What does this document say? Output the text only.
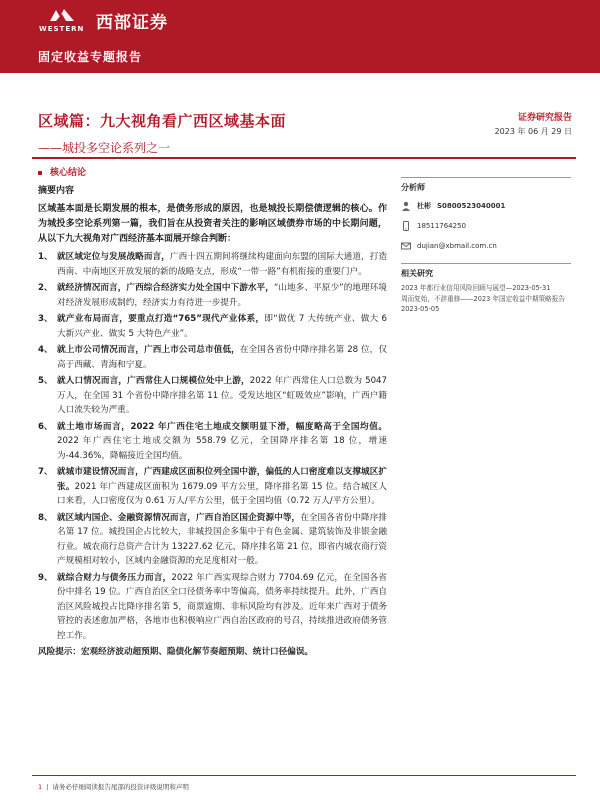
WESTERN 西部证券
固定收益专题报告
区域篇：九大视角看广西区域基本面
——城投多空论系列之一
证券研究报告
2023 年 06 月 29 日
核心结论
摘要内容
区域基本面是长期发展的根本，是债务形成的原因，也是城投长期偿债逻辑的核心。作为城投多空论系列第一篇，我们旨在从投资者关注的影响区域债券市场的中长期问题，从以下九大视角对广西经济基本面展开综合判断：
1、 就区域定位与发展战略而言，广西十四五期间将继续构建面向东盟的国际大通道，打造西南、中南地区开放发展的新的战略支点，形成“一带一路”有机衔接的重要门户。
2、 就经济情况而言，广西综合经济实力处全国中下游水平，“山地多、平原少”的地理环境对经济发展形成制约，经济实力有待进一步提升。
3、 就产业布局而言，要重点打造“765”现代产业体系，即“做优 7 大传统产业、做大 6 大新兴产业、做实 5 大特色产业”。
4、 就上市公司情况而言，广西上市公司总市值低，在全国各省份中降序排名第 28 位，仅高于西藏、青海和宁夏。
5、 就人口情况而言，广西常住人口规模位处中上游，2022 年广西常住人口总数为 5047 万人，在全国 31 个省份中降序排名第 11 位。受发达地区“虹吸效应”影响，广西户籍人口流失较为严重。
6、 就土地市场而言，2022 年广西住宅土地成交额明显下滑，幅度略高于全国均值。2022 年广西住宅土地成交额为 558.79 亿元，全国降序排名第 18 位，增速为-44.36%，降幅接近全国均值。
7、 就城市建设情况而言，广西建成区面积位列全国中游，偏低的人口密度难以支撑城区扩张。2021 年广西建成区面积为 1679.09 平方公里，降序排名第 15 位。结合城区人口来看，人口密度仅为 0.61 万人/平方公里，低于全国均值（0.72 万人/平方公里）。
8、 就区域内国企、金融资源情况而言，广西自治区国企资源中等，在全国各省份中降序排名第 17 位。城投国企占比较大，非城投国企多集中于有色金属、建筑装饰及非银金融行业。城农商行总资产合计为 13227.62 亿元，降序排名第 21 位，即省内城农商行资产规模相对较小，区域内金融资源的充足度相对一般。
9、 就综合财力与债务压力而言，2022 年广西实现综合财力 7704.69 亿元，在全国各省份中排名 19 位。广西自治区全口径债务率中等偏高，债务率持续提升。此外，广西自治区风险城投占比降序排名第 5，商票逾期、非标风险均有涉及。近年来广西对于债务管控的表述愈加严格，各地市也积极响应广西自治区政府的号召，持续推进政府债务管控工作。
风险提示：宏观经济波动超预期、隐债化解节奏超预期、统计口径偏误。
分析师
杜彬 S0800523040001
18511764250
dujian@xbmail.com.cn
相关研究
2023 年都行业信用风险回顾与展望—2023-05-31
周而复始，不辞重修——2023 年国定收益中期策略报告 2023-05-05
1 | 请务必仔细阅读报告尾部的投资评级说明和声明
